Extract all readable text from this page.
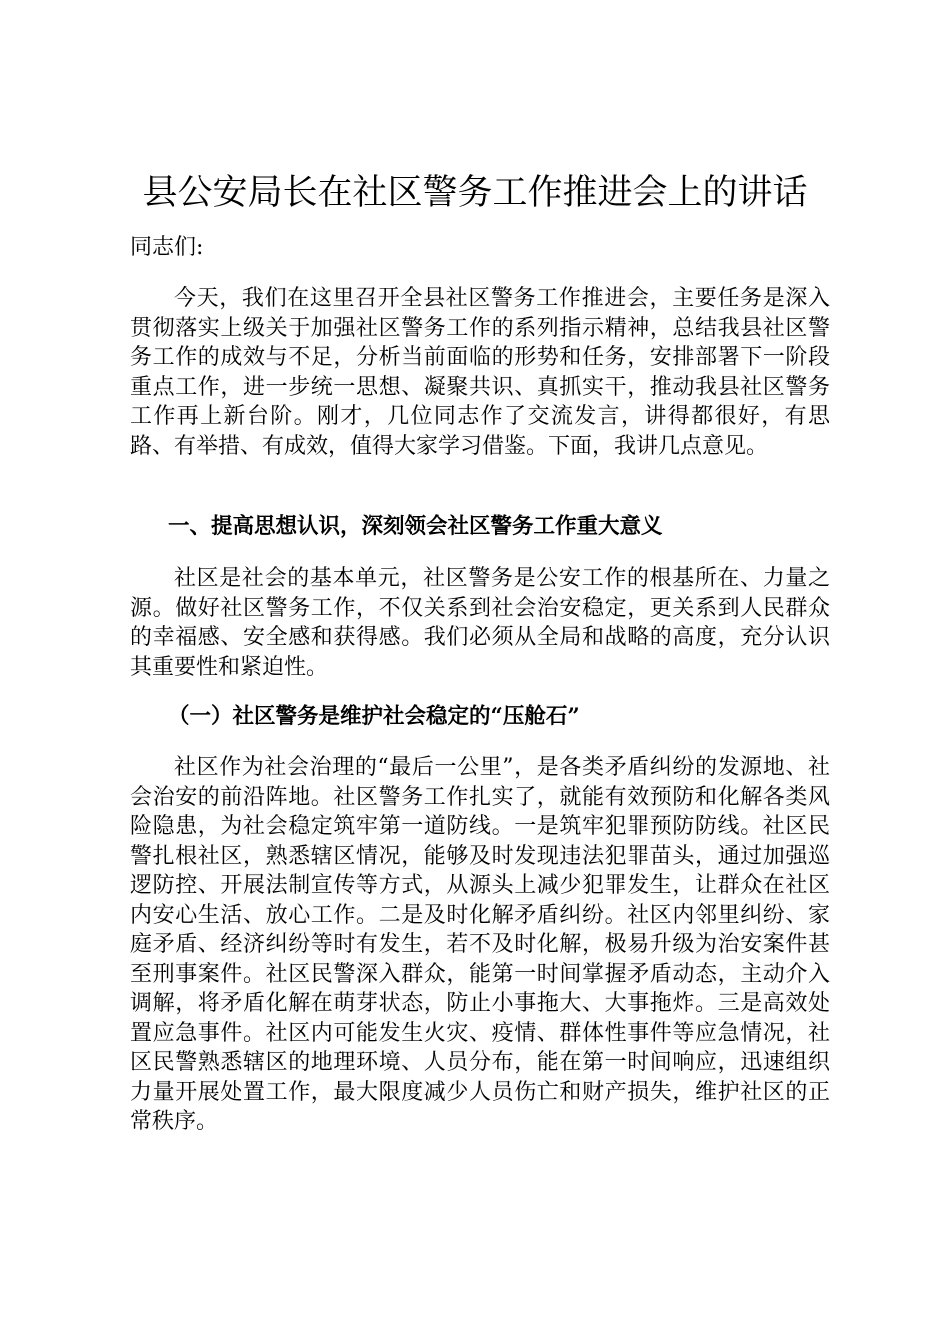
县公安局长在社区警务工作推进会上的讲话
同志们:

今天，我们在这里召开全县社区警务工作推进会，主要任务是深入贯彻落实上级关于加强社区警务工作的系列指示精神，总结我县社区警务工作的成效与不足，分析当前面临的形势和任务，安排部署下一阶段重点工作，进一步统一思想、凝聚共识、真抓实干，推动我县社区警务工作再上新台阶。刚才，几位同志作了交流发言，讲得都很好，有思路、有举措、有成效，值得大家学习借鉴。下面，我讲几点意见。

一、提高思想认识，深刻领会社区警务工作重大意义

社区是社会的基本单元，社区警务是公安工作的根基所在、力量之源。做好社区警务工作，不仅关系到社会治安稳定，更关系到人民群众的幸福感、安全感和获得感。我们必须从全局和战略的高度，充分认识其重要性和紧迫性。

（一）社区警务是维护社会稳定的“压舱石”

社区作为社会治理的“最后一公里”，是各类矛盾纠纷的发源地、社会治安的前沿阵地。社区警务工作扎实了，就能有效预防和化解各类风险隐患，为社会稳定筑牢第一道防线。一是筑牢犯罪预防防线。社区民警扎根社区，熟悉辖区情况，能够及时发现违法犯罪苗头，通过加强巡逻防控、开展法制宣传等方式，从源头上减少犯罪发生，让群众在社区内安心生活、放心工作。二是及时化解矛盾纠纷。社区内邻里纠纷、家庭矛盾、经济纠纷等时有发生，若不及时化解，极易升级为治安案件甚至刑事案件。社区民警深入群众，能第一时间掌握矛盾动态，主动介入调解，将矛盾化解在萌芽状态，防止小事拖大、大事拖炸。三是高效处置应急事件。社区内可能发生火灾、疫情、群体性事件等应急情况，社区民警熟悉辖区的地理环境、人员分布，能在第一时间响应，迅速组织力量开展处置工作，最大限度减少人员伤亡和财产损失，维护社区的正常秩序。
